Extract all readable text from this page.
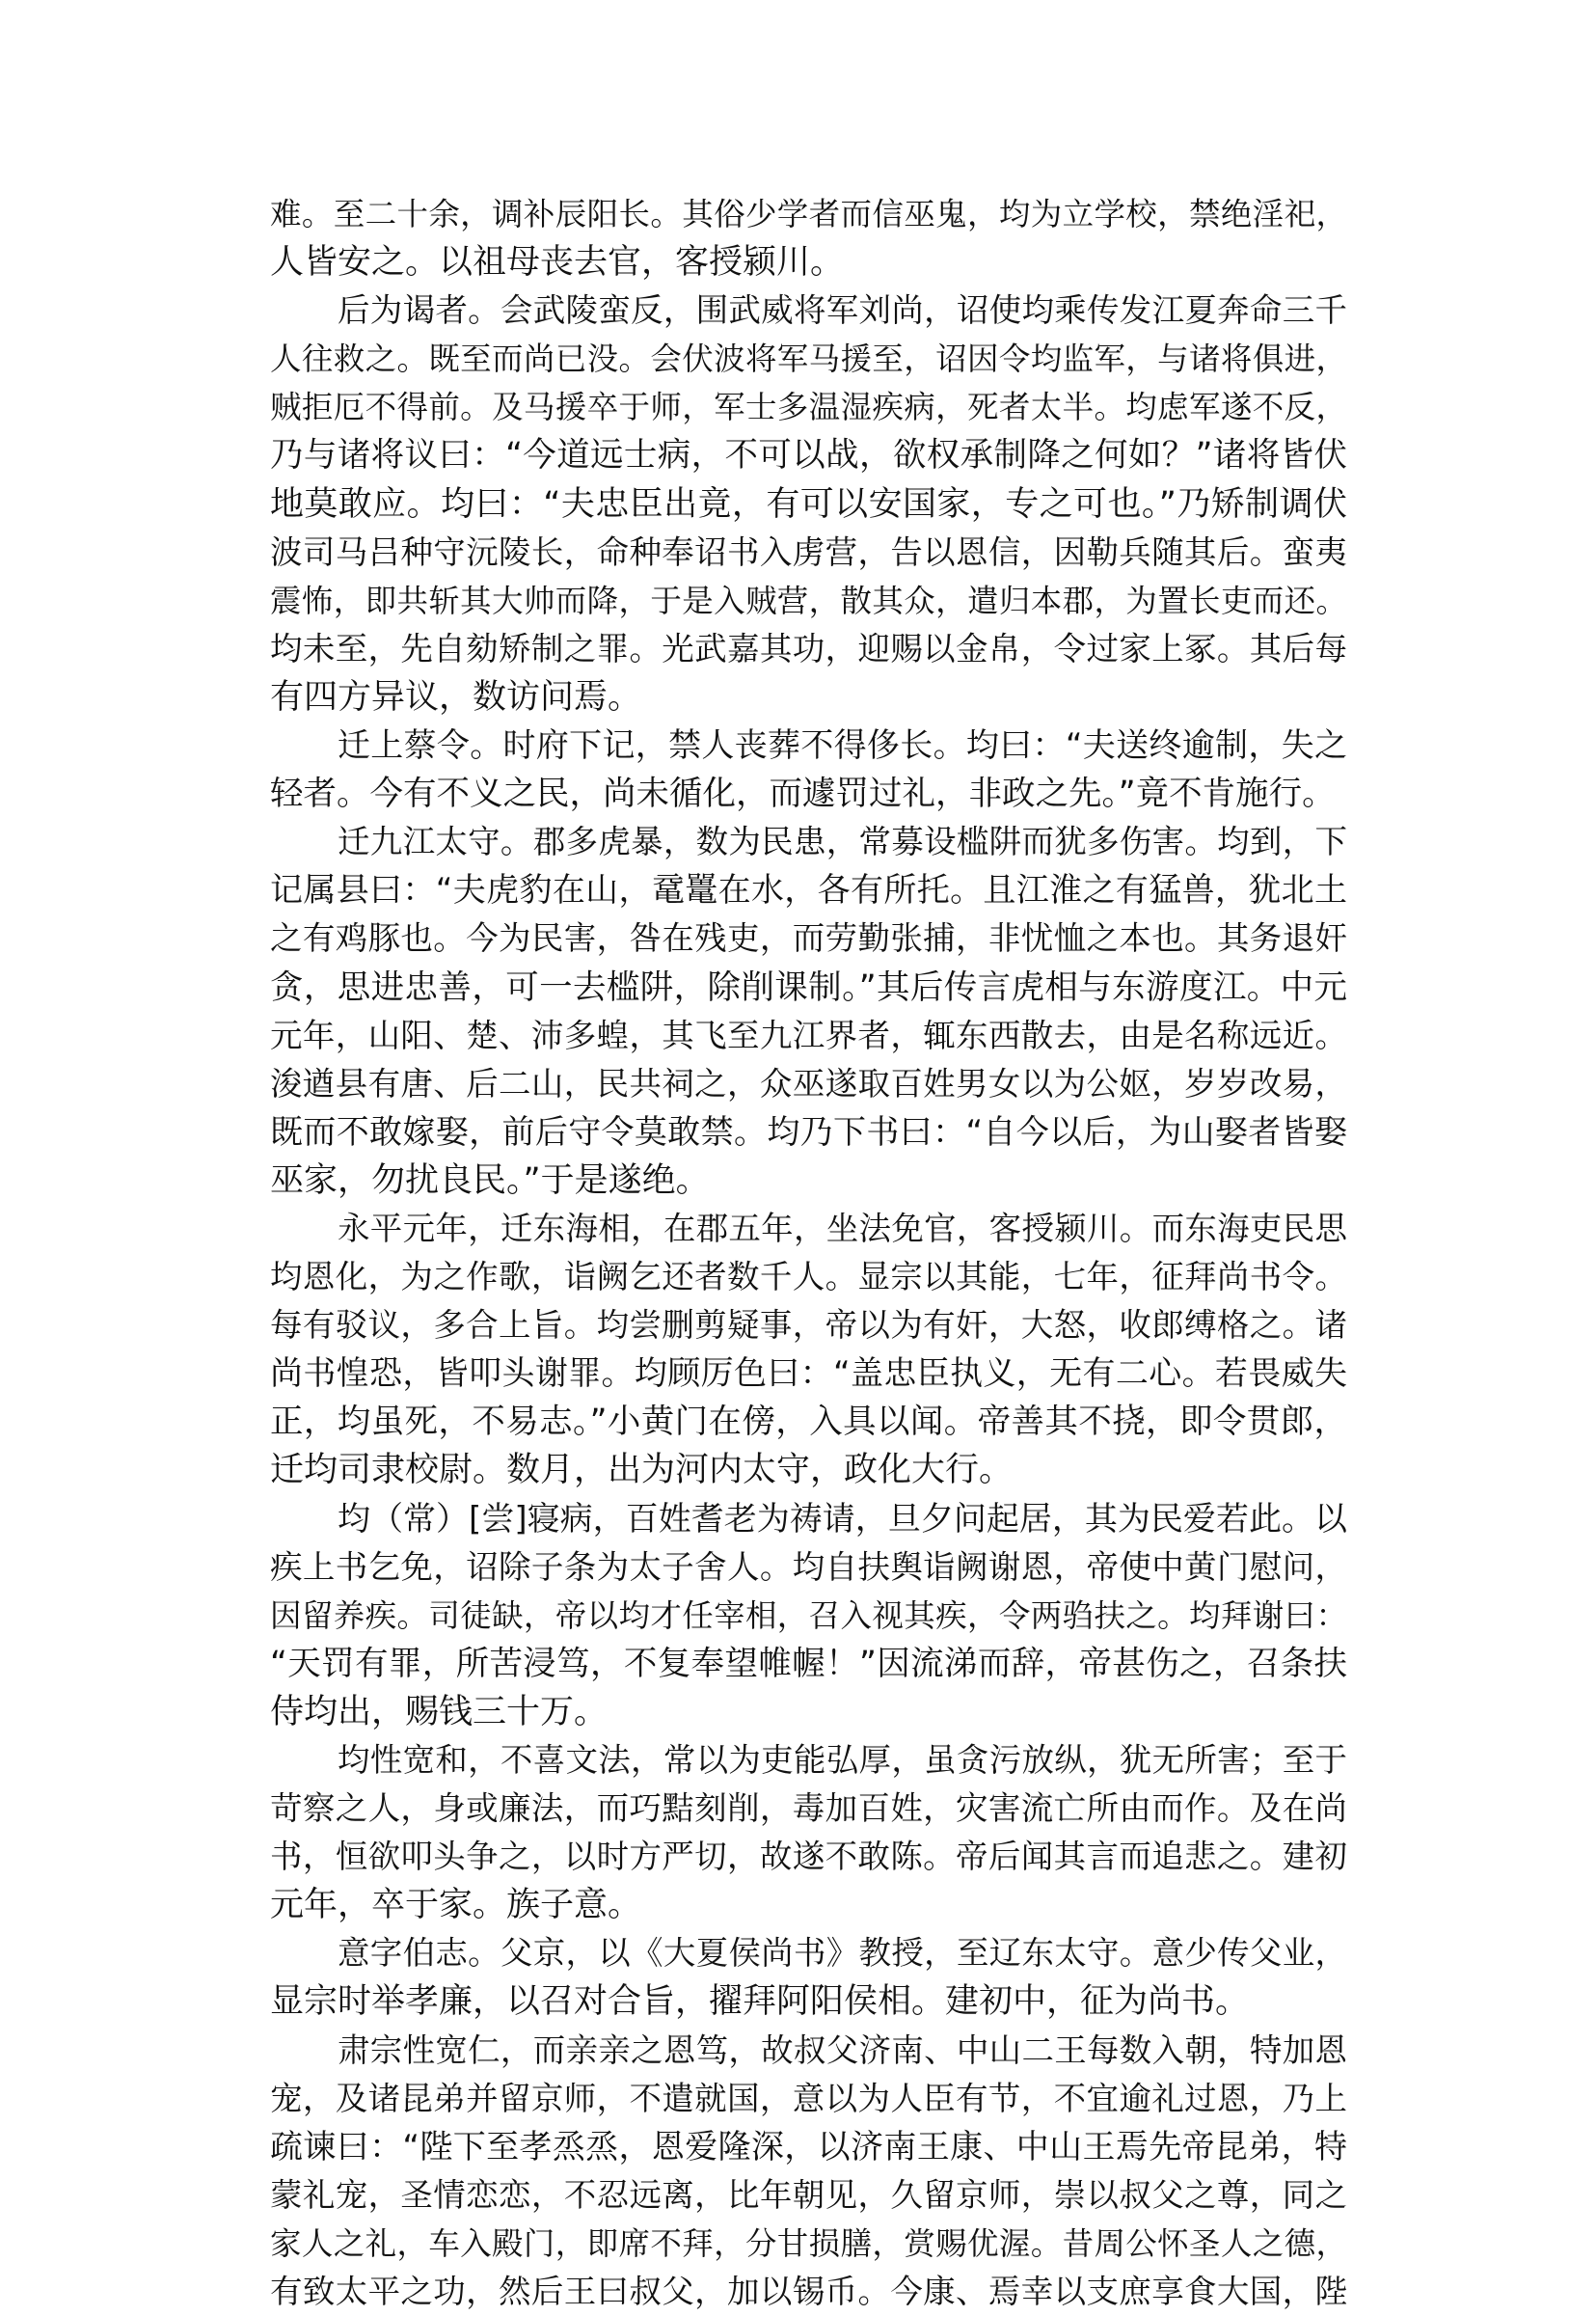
难。至二十余，调补辰阳长。其俗少学者而信巫鬼，均为立学校，禁绝淫祀，
人皆安之。以祖母丧去官，客授颍川。
后为谒者。会武陵蛮反，围武威将军刘尚，诏使均乘传发江夏奔命三千
人往救之。既至而尚已没。会伏波将军马援至，诏因令均监军，与诸将俱进，
贼拒厄不得前。及马援卒于师，军士多温湿疾病，死者太半。均虑军遂不反，
乃与诸将议曰：“今道远士病，不可以战，欲权承制降之何如？”诸将皆伏
地莫敢应。均曰：“夫忠臣出竟，有可以安国家，专之可也。”乃矫制调伏
波司马吕种守沅陵长，命种奉诏书入虏营，告以恩信，因勒兵随其后。蛮夷
震怖，即共斩其大帅而降，于是入贼营，散其众，遣归本郡，为置长吏而还。
均未至，先自劾矫制之罪。光武嘉其功，迎赐以金帛，令过家上冢。其后每
有四方异议，数访问焉。
迁上蔡令。时府下记，禁人丧葬不得侈长。均曰：“夫送终逾制，失之
轻者。今有不义之民，尚未循化，而遽罚过礼，非政之先。”竟不肯施行。
迁九江太守。郡多虎暴，数为民患，常募设槛阱而犹多伤害。均到，下
记属县曰：“夫虎豹在山，鼋鼍在水，各有所托。且江淮之有猛兽，犹北土
之有鸡豚也。今为民害，咎在残吏，而劳勤张捕，非忧恤之本也。其务退奸
贪，思进忠善，可一去槛阱，除削课制。”其后传言虎相与东游度江。中元
元年，山阳、楚、沛多蝗，其飞至九江界者，辄东西散去，由是名称远近。
浚遒县有唐、后二山，民共祠之，众巫遂取百姓男女以为公妪，岁岁改易，
既而不敢嫁娶，前后守令莫敢禁。均乃下书曰：“自今以后，为山娶者皆娶
巫家，勿扰良民。”于是遂绝。
永平元年，迁东海相，在郡五年，坐法免官，客授颍川。而东海吏民思
均恩化，为之作歌，诣阙乞还者数千人。显宗以其能，七年，征拜尚书令。
每有驳议，多合上旨。均尝删剪疑事，帝以为有奸，大怒，收郎缚格之。诸
尚书惶恐，皆叩头谢罪。均顾厉色曰：“盖忠臣执义，无有二心。若畏威失
正，均虽死，不易志。”小黄门在傍，入具以闻。帝善其不挠，即令贯郎，
迁均司隶校尉。数月，出为河内太守，政化大行。
均（常）[尝]寝病，百姓耆老为祷请，旦夕问起居，其为民爱若此。以
疾上书乞免，诏除子条为太子舍人。均自扶舆诣阙谢恩，帝使中黄门慰问，
因留养疾。司徒缺，帝以均才任宰相，召入视其疾，令两驺扶之。均拜谢曰：
“天罚有罪，所苦浸笃，不复奉望帷幄！”因流涕而辞，帝甚伤之，召条扶
侍均出，赐钱三十万。
均性宽和，不喜文法，常以为吏能弘厚，虽贪污放纵，犹无所害；至于
苛察之人，身或廉法，而巧黠刻削，毒加百姓，灾害流亡所由而作。及在尚
书，恒欲叩头争之，以时方严切，故遂不敢陈。帝后闻其言而追悲之。建初
元年，卒于家。族子意。
意字伯志。父京，以《大夏侯尚书》教授，至辽东太守。意少传父业，
显宗时举孝廉，以召对合旨，擢拜阿阳侯相。建初中，征为尚书。
肃宗性宽仁，而亲亲之恩笃，故叔父济南、中山二王每数入朝，特加恩
宠，及诸昆弟并留京师，不遣就国，意以为人臣有节，不宜逾礼过恩，乃上
疏谏曰：“陛下至孝烝烝，恩爱隆深，以济南王康、中山王焉先帝昆弟，特
蒙礼宠，圣情恋恋，不忍远离，比年朝见，久留京师，崇以叔父之尊，同之
家人之礼，车入殿门，即席不拜，分甘损膳，赏赐优渥。昔周公怀圣人之德，
有致太平之功，然后王曰叔父，加以锡币。今康、焉幸以支庶享食大国，陛
